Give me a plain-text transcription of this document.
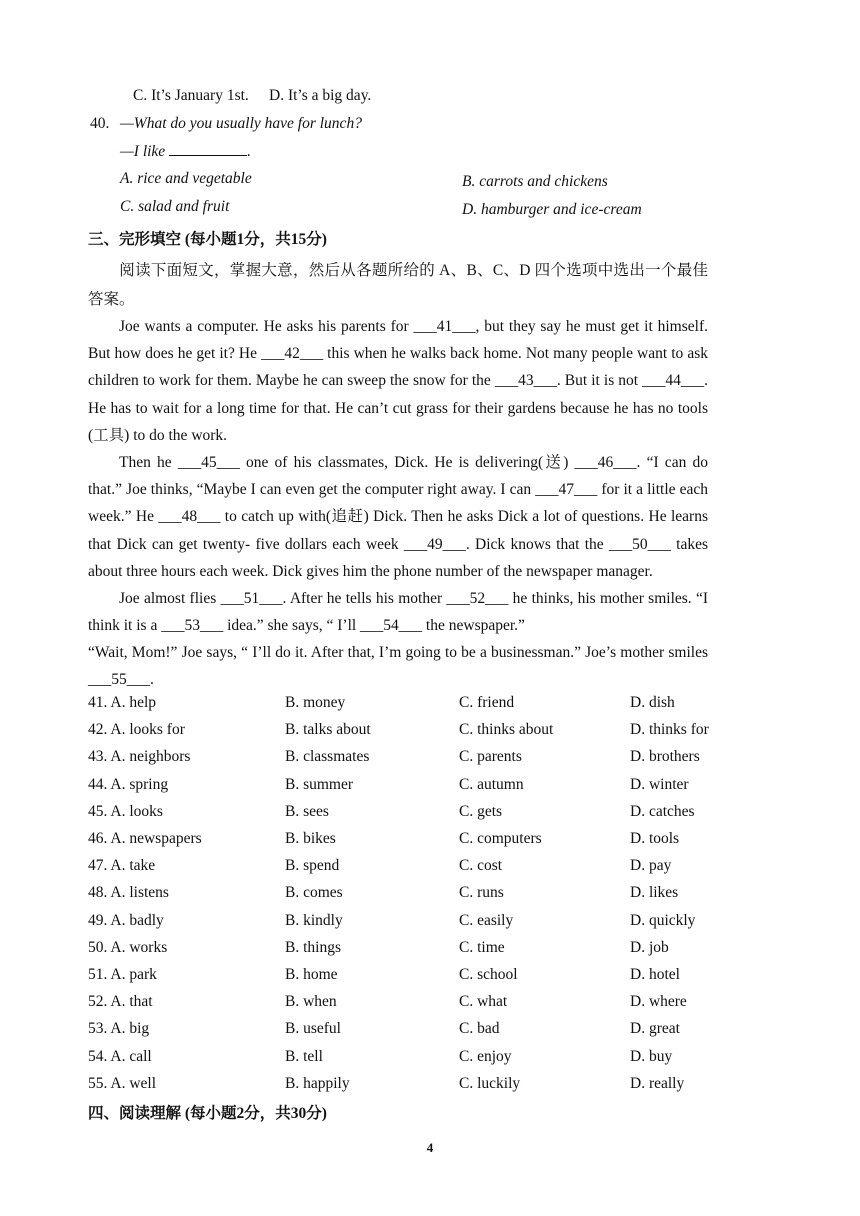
C. It’s January 1st. D. It’s a big day.
40. —What do you usually have for lunch?
—I like	.
A. rice and vegetable	B. carrots and chickens
C. salad and fruit	D. hamburger and ice-cream
三、完形填空 (每小题1分，共15分)
阅读下面短文，掌握大意，然后从各题所给的 A、B、C、D 四个选项中选出一个最佳答案。
Joe wants a computer. He asks his parents for ___41___, but they say he must get it himself. But how does he get it? He ___42___ this when he walks back home. Not many people want to ask children to work for them. Maybe he can sweep the snow for the ___43___. But it is not ___44___. He has to wait for a long time for that. He can’t cut grass for their gardens because he has no tools (工具) to do the work.
Then he ___45___ one of his classmates, Dick. He is delivering(送) ___46___. “I can do that.” Joe thinks, “Maybe I can even get the computer right away. I can ___47___ for it a little each week.” He ___48___ to catch up with(追赶) Dick. Then he asks Dick a lot of questions. He learns that Dick can get twenty- five dollars each week ___49___. Dick knows that the ___50___ takes about three hours each week. Dick gives him the phone number of the newspaper manager.
Joe almost flies ___51___. After he tells his mother ___52___ he thinks, his mother smiles. “I think it is a ___53___ idea.” she says, “ I’ll ___54___ the newspaper.”
“Wait, Mom!” Joe says, “ I’ll do it. After that, I’m going to be a businessman.” Joe’s mother smiles ___55___.
41. A. help	B. money	C. friend	D. dish
42. A. looks for	B. talks about	C. thinks about	D. thinks for
43. A. neighbors	B. classmates	C. parents	D. brothers
44. A. spring	B. summer	C. autumn	D. winter
45. A. looks	B. sees	C. gets	D. catches
46. A. newspapers	B. bikes	C. computers	D. tools
47. A. take	B. spend	C. cost	D. pay
48. A. listens	B. comes	C. runs	D. likes
49. A. badly	B. kindly	C. easily	D. quickly
50. A. works	B. things	C. time	D. job
51. A. park	B. home	C. school	D. hotel
52. A. that	B. when	C. what	D. where
53. A. big	B. useful	C. bad	D. great
54. A. call	B. tell	C. enjoy	D. buy
55. A. well	B. happily	C. luckily	D. really
四、阅读理解 (每小题2分，共30分)
4
